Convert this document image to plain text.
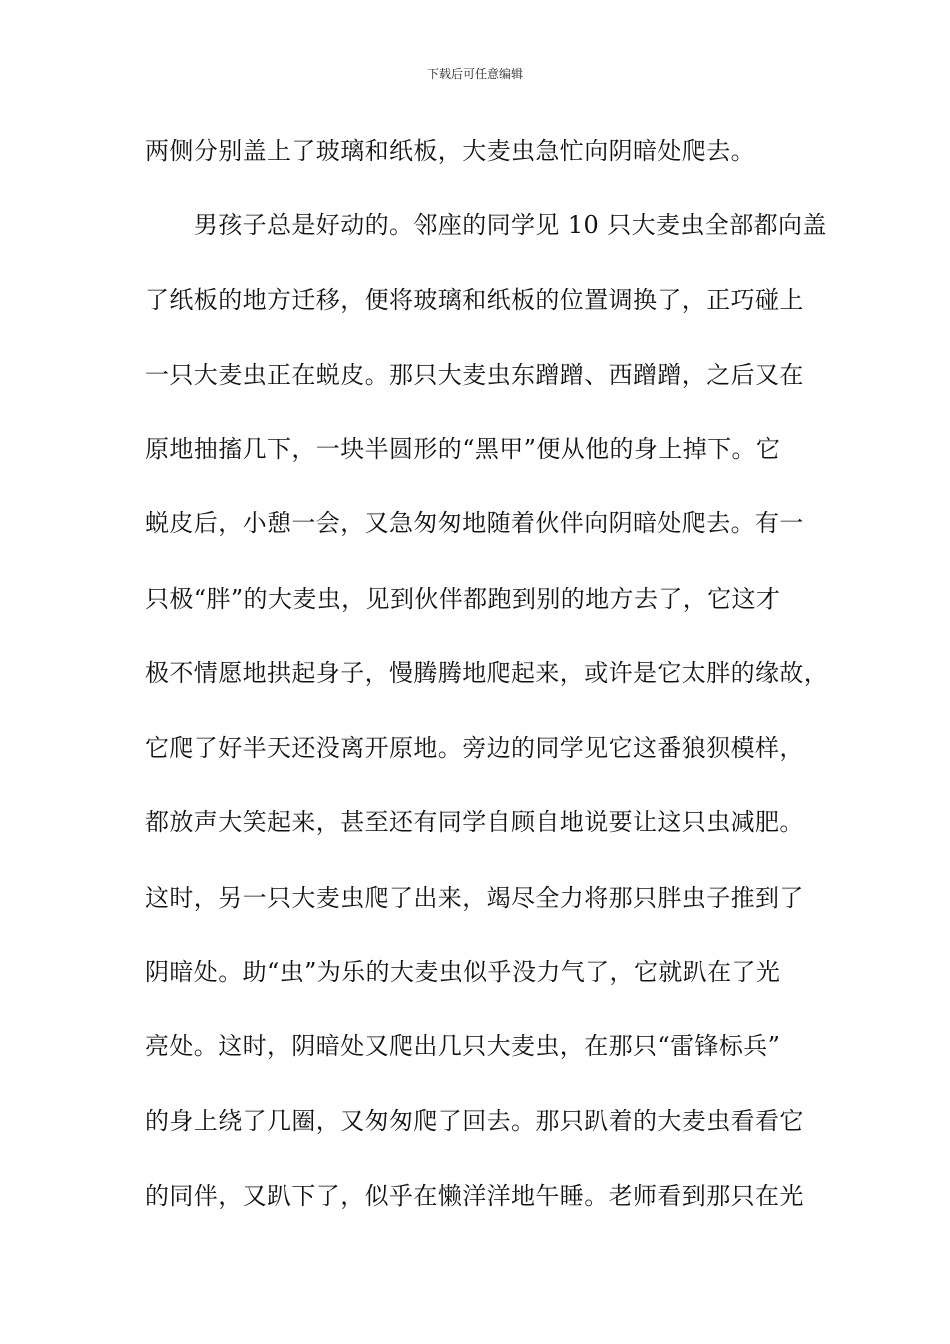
下载后可任意编辑
两侧分别盖上了玻璃和纸板，大麦虫急忙向阴暗处爬去。
　　男孩子总是好动的。邻座的同学见 10 只大麦虫全部都向盖
了纸板的地方迁移，便将玻璃和纸板的位置调换了，正巧碰上
一只大麦虫正在蜕皮。那只大麦虫东蹭蹭、西蹭蹭，之后又在
原地抽搐几下，一块半圆形的“黑甲”便从他的身上掉下。它
蜕皮后，小憩一会，又急匆匆地随着伙伴向阴暗处爬去。有一
只极“胖”的大麦虫，见到伙伴都跑到别的地方去了，它这才
极不情愿地拱起身子，慢腾腾地爬起来，或许是它太胖的缘故，
它爬了好半天还没离开原地。旁边的同学见它这番狼狈模样，
都放声大笑起来，甚至还有同学自顾自地说要让这只虫减肥。
这时，另一只大麦虫爬了出来，竭尽全力将那只胖虫子推到了
阴暗处。助“虫”为乐的大麦虫似乎没力气了，它就趴在了光
亮处。这时，阴暗处又爬出几只大麦虫，在那只“雷锋标兵”
的身上绕了几圈，又匆匆爬了回去。那只趴着的大麦虫看看它
的同伴，又趴下了，似乎在懒洋洋地午睡。老师看到那只在光
